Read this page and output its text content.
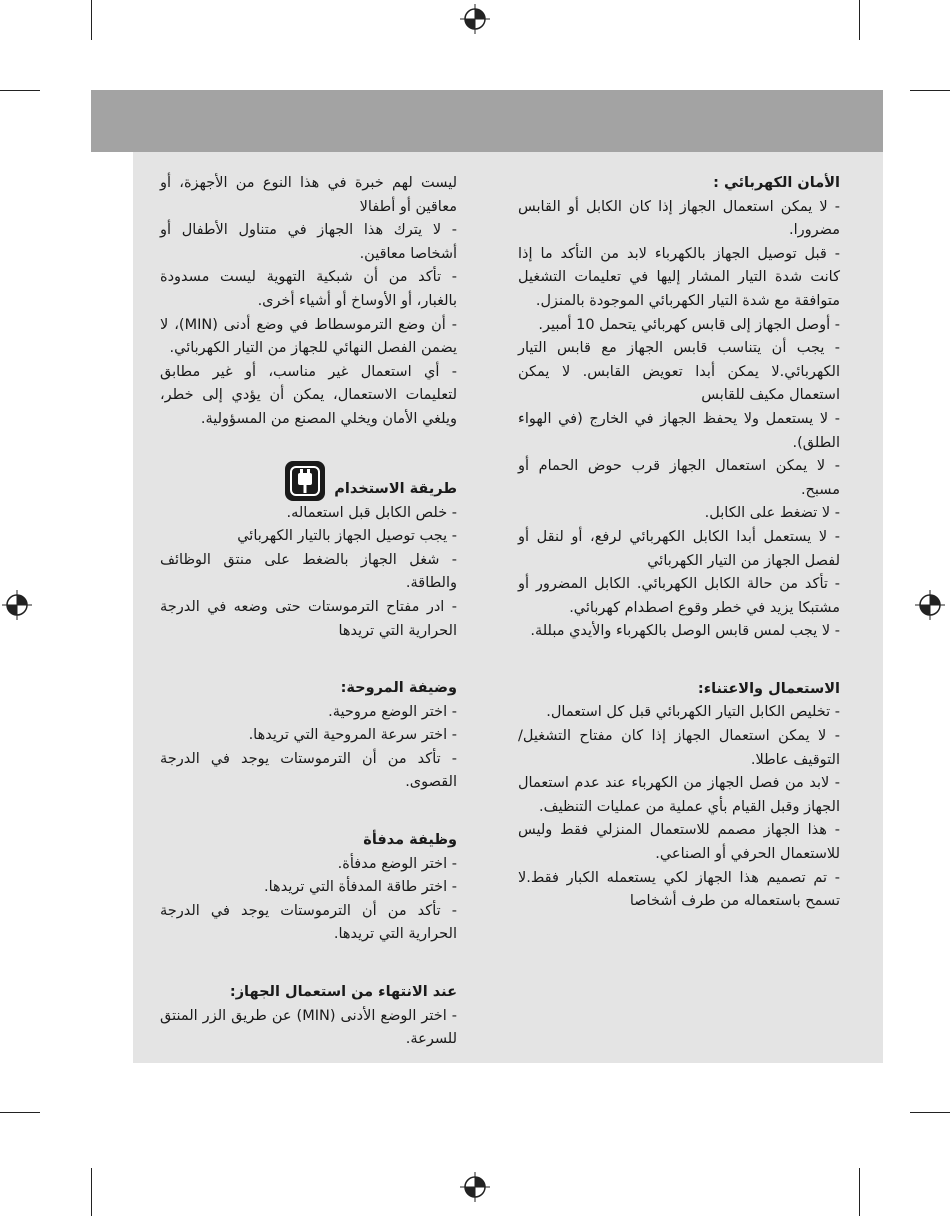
الأمان الكهربائي :

- لا يمكن استعمال الجهاز إذا كان الكابل أو القابس مضرورا.

- قبل توصيل الجهاز بالكهرباء لابد من التأكد ما إذا كانت شدة التيار المشار إليها في تعليمات التشغيل متوافقة مع شدة التيار الكهربائي الموجودة بالمنزل.

- أوصل الجهاز إلى قابس كهربائي يتحمل 10 أمبير.

- يجب أن يتناسب قابس الجهاز مع قابس التيار الكهربائي.لا يمكن أبدا تعويض القابس. لا يمكن استعمال مكيف للقابس

- لا يستعمل ولا يحفظ الجهاز في الخارج (في الهواء الطلق).

- لا يمكن استعمال الجهاز قرب حوض الحمام أو مسبح.

- لا تضغط على الكابل.

- لا يستعمل أبدا الكابل الكهربائي لرفع، أو لنقل أو لفصل الجهاز من التيار الكهربائي

- تأكد من حالة الكابل الكهربائي. الكابل المضرور أو مشتبكا يزيد في خطر وقوع اصطدام كهربائي.

- لا يجب لمس قابس الوصل بالكهرباء والأيدي مبللة.

الاستعمال والاعتناء:

- تخليص الكابل التيار الكهربائي قبل كل استعمال.

- لا يمكن استعمال الجهاز إذا كان مفتاح التشغيل/ التوقيف عاطلا.

- لابد من فصل الجهاز من الكهرباء عند عدم استعمال الجهاز وقبل القيام بأي عملية من عمليات التنظيف.

- هذا الجهاز مصمم للاستعمال المنزلي فقط وليس للاستعمال الحرفي أو الصناعي.

- تم تصميم هذا الجهاز لكي يستعمله الكبار فقط.لا تسمح باستعماله من طرف أشخاصا

ليست لهم خبرة في هذا النوع من الأجهزة، أو معاقين أو أطفالا

- لا يترك هذا الجهاز في متناول الأطفال أو أشخاصا معاقين.

- تأكد من أن شبكية التهوية ليست مسدودة بالغبار، أو الأوساخ أو أشياء أخرى.

- أن وضع الترموسطاط في وضع أدنى (MIN)، لا يضمن الفصل النهائي للجهاز من التيار الكهربائي.

- أي استعمال غير مناسب، أو غير مطابق لتعليمات الاستعمال، يمكن أن يؤدي إلى خطر، ويلغي الأمان ويخلي المصنع من المسؤولية.

طريقة الاستخدام

- خلص الكابل قبل استعماله.

- يجب توصيل الجهاز بالتيار الكهربائي

- شغل الجهاز بالضغط على منتق الوظائف والطاقة.

- ادر مفتاح الترموستات حتى وضعه في الدرجة الحرارية التي تريدها

وضيفة المروحة:

- اختر الوضع مروحية.

- اختر سرعة المروحية التي تريدها.

- تأكد من أن الترموستات يوجد في الدرجة القصوى.

وظيفة مدفأة

- اختر الوضع مدفأة.

- اختر طاقة المدفأة التي تريدها.

- تأكد من أن الترموستات يوجد في الدرجة الحرارية التي تريدها.

عند الانتهاء من استعمال الجهاز:

- اختر الوضع الأدنى (MIN) عن طريق الزر المنتق للسرعة.
